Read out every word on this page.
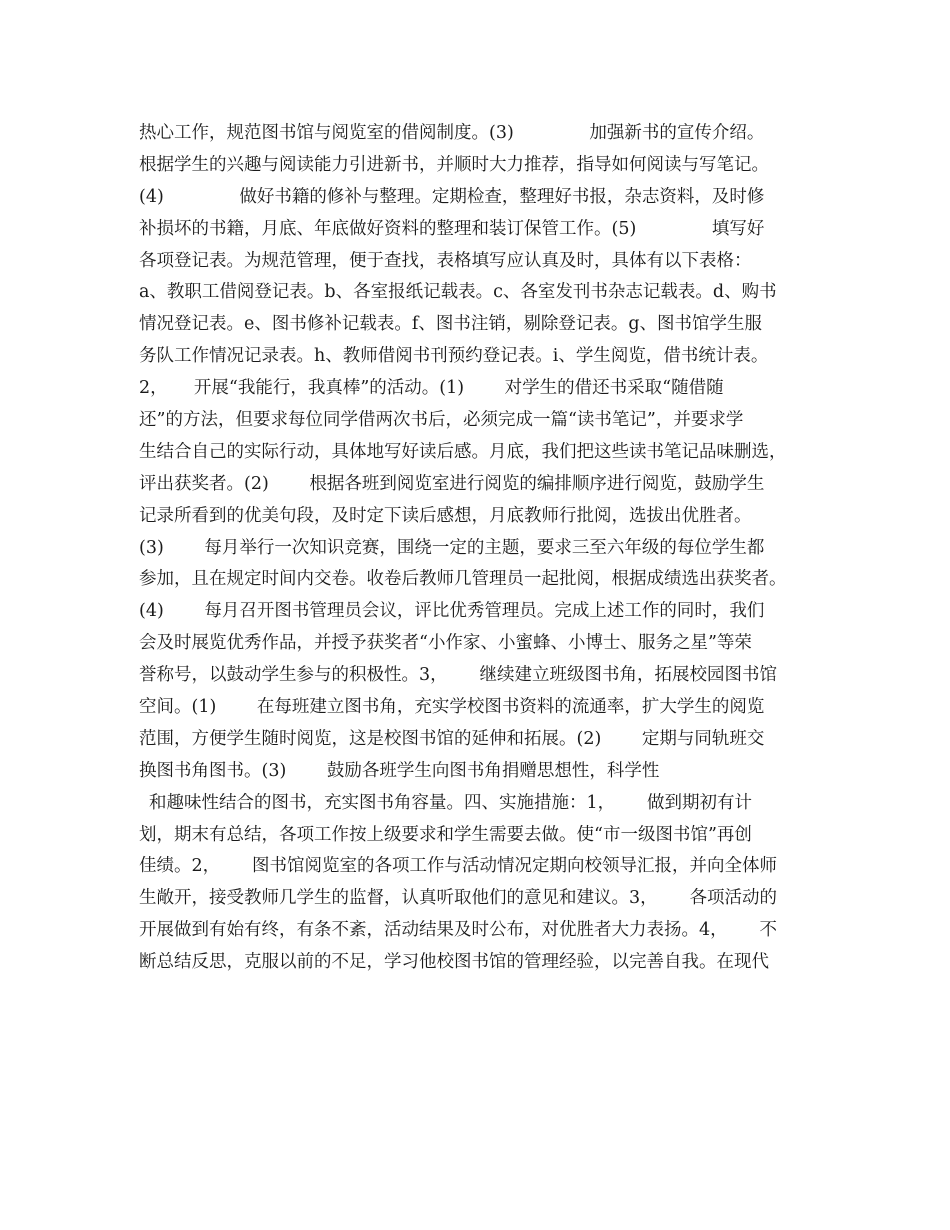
热心工作，规范图书馆与阅览室的借阅制度。(3)　　　　 加强新书的宣传介绍。
根据学生的兴趣与阅读能力引进新书，并顺时大力推荐，指导如何阅读与写笔记。
(4)　　　　 做好书籍的修补与整理。定期检查，整理好书报，杂志资料，及时修
补损坏的书籍，月底、年底做好资料的整理和装订保管工作。(5)　　　　 填写好
各项登记表。为规范管理，便于查找，表格填写应认真及时，具体有以下表格：
a、教职工借阅登记表。b、各室报纸记载表。c、各室发刊书杂志记载表。d、购书
情况登记表。e、图书修补记载表。f、图书注销，剔除登记表。g、图书馆学生服
务队工作情况记录表。h、教师借阅书刊预约登记表。i、学生阅览，借书统计表。
2，　　开展“我能行，我真棒”的活动。(1)　　 对学生的借还书采取“随借随
还”的方法，但要求每位同学借两次书后，必须完成一篇“读书笔记”，并要求学
生结合自己的实际行动，具体地写好读后感。月底，我们把这些读书笔记品味删选，
评出获奖者。(2)　　 根据各班到阅览室进行阅览的编排顺序进行阅览，鼓励学生
记录所看到的优美句段，及时定下读后感想，月底教师行批阅，选拔出优胜者。
(3)　　 每月举行一次知识竞赛，围绕一定的主题，要求三至六年级的每位学生都
参加，且在规定时间内交卷。收卷后教师几管理员一起批阅，根据成绩选出获奖者。
(4)　　 每月召开图书管理员会议，评比优秀管理员。完成上述工作的同时，我们
会及时展览优秀作品，并授予获奖者“小作家、小蜜蜂、小博士、服务之星”等荣
誉称号，以鼓动学生参与的积极性。3，　　 继续建立班级图书角，拓展校园图书馆
空间。(1)　　 在每班建立图书角，充实学校图书资料的流通率，扩大学生的阅览
范围，方便学生随时阅览，这是校图书馆的延伸和拓展。(2)　　 定期与同轨班交
换图书角图书。(3)　　 鼓励各班学生向图书角捐赠思想性，科学性
和趣味性结合的图书，充实图书角容量。四、实施措施：1，　　 做到期初有计
划，期末有总结，各项工作按上级要求和学生需要去做。使“市一级图书馆”再创
佳绩。2，　　 图书馆阅览室的各项工作与活动情况定期向校领导汇报，并向全体师
生敞开，接受教师几学生的监督，认真听取他们的意见和建议。3，　　 各项活动的
开展做到有始有终，有条不紊，活动结果及时公布，对优胜者大力表扬。4，　　 不
断总结反思，克服以前的不足，学习他校图书馆的管理经验，以完善自我。在现代
